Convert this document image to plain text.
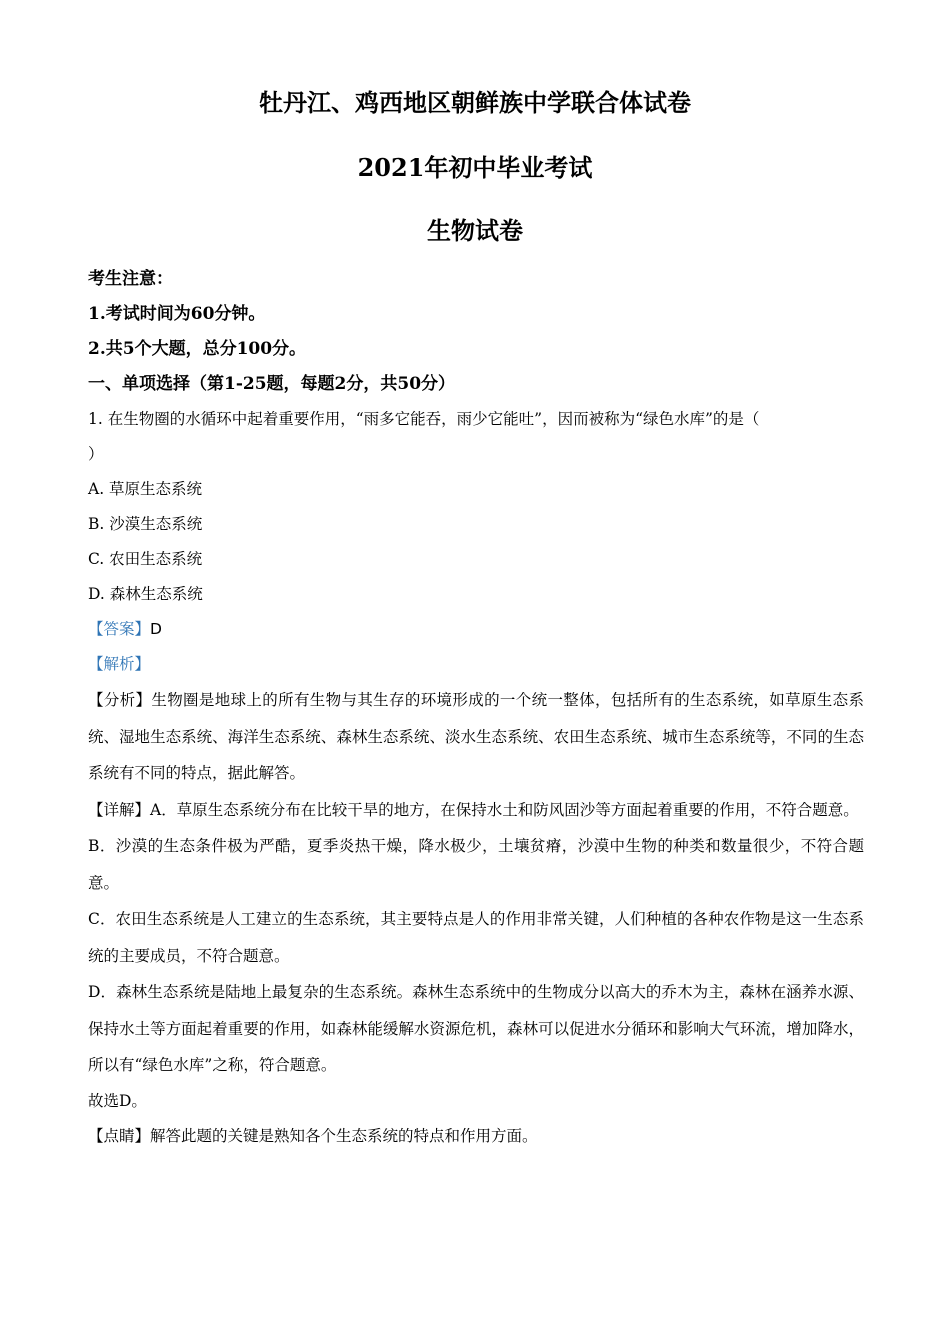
牡丹江、鸡西地区朝鲜族中学联合体试卷
2021年初中毕业考试
生物试卷
考生注意：
1.考试时间为60分钟。
2.共5个大题，总分100分。
一、单项选择（第1-25题，每题2分，共50分）
1. 在生物圈的水循环中起着重要作用，“雨多它能吞，雨少它能吐”，因而被称为“绿色水库”的是（
）
A. 草原生态系统
B. 沙漠生态系统
C. 农田生态系统
D. 森林生态系统
【答案】D
【解析】

【分析】生物圈是地球上的所有生物与其生存的环境形成的一个统一整体，包括所有的生态系统，如草原生态系统、湿地生态系统、海洋生态系统、森林生态系统、淡水生态系统、农田生态系统、城市生态系统等，不同的生态系统有不同的特点，据此解答。

【详解】A．草原生态系统分布在比较干旱的地方，在保持水土和防风固沙等方面起着重要的作用，不符合题意。

B．沙漠的生态条件极为严酷，夏季炎热干燥，降水极少，土壤贫瘠，沙漠中生物的种类和数量很少，不符合题意。

C．农田生态系统是人工建立的生态系统，其主要特点是人的作用非常关键，人们种植的各种农作物是这一生态系统的主要成员，不符合题意。

D．森林生态系统是陆地上最复杂的生态系统。森林生态系统中的生物成分以高大的乔木为主，森林在涵养水源、保持水土等方面起着重要的作用，如森林能缓解水资源危机，森林可以促进水分循环和影响大气环流，增加降水，所以有“绿色水库”之称，符合题意。

故选D。
【点睛】解答此题的关键是熟知各个生态系统的特点和作用方面。
